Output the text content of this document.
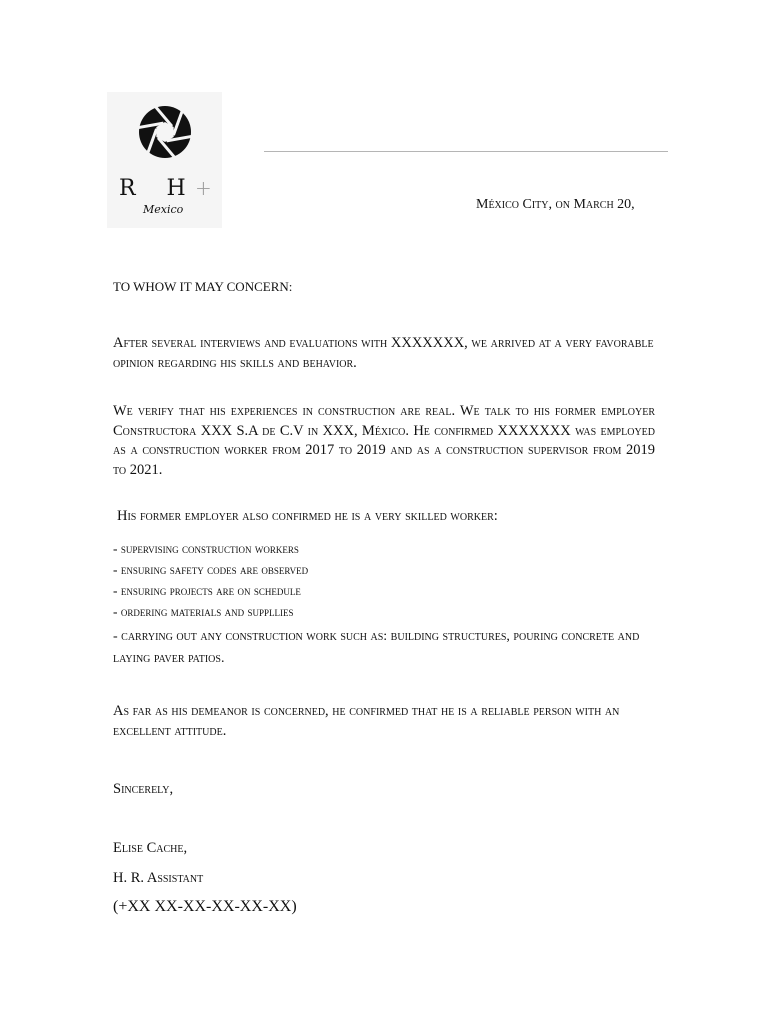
R H
+
Mexico	México City, on March 20,
TO WHOW IT MAY CONCERN:
After several interviews and evaluations with XXXXXXX, we arrived at a very favorable opinion regarding his skills and behavior.
We verify that his experiences in construction are real. We talk to his former employer Constructora XXX S.A de C.V in XXX, México. He confirmed XXXXXXX was employed as a construction worker from 2017 to 2019 and as a construction supervisor from 2019 to 2021.
His former employer also confirmed he is a very skilled worker:
- supervising construction workers
- ensuring safety codes are observed
- ensuring projects are on schedule
- ordering materials and suppllies
- carrying out any construction work such as: building structures, pouring concrete and laying paver patios.
As far as his demeanor is concerned, he confirmed that he is a reliable person with an excellent attitude.
Sincerely,
Elise Cache,
H. R. Assistant
(+XX XX-XX-XX-XX-XX)
